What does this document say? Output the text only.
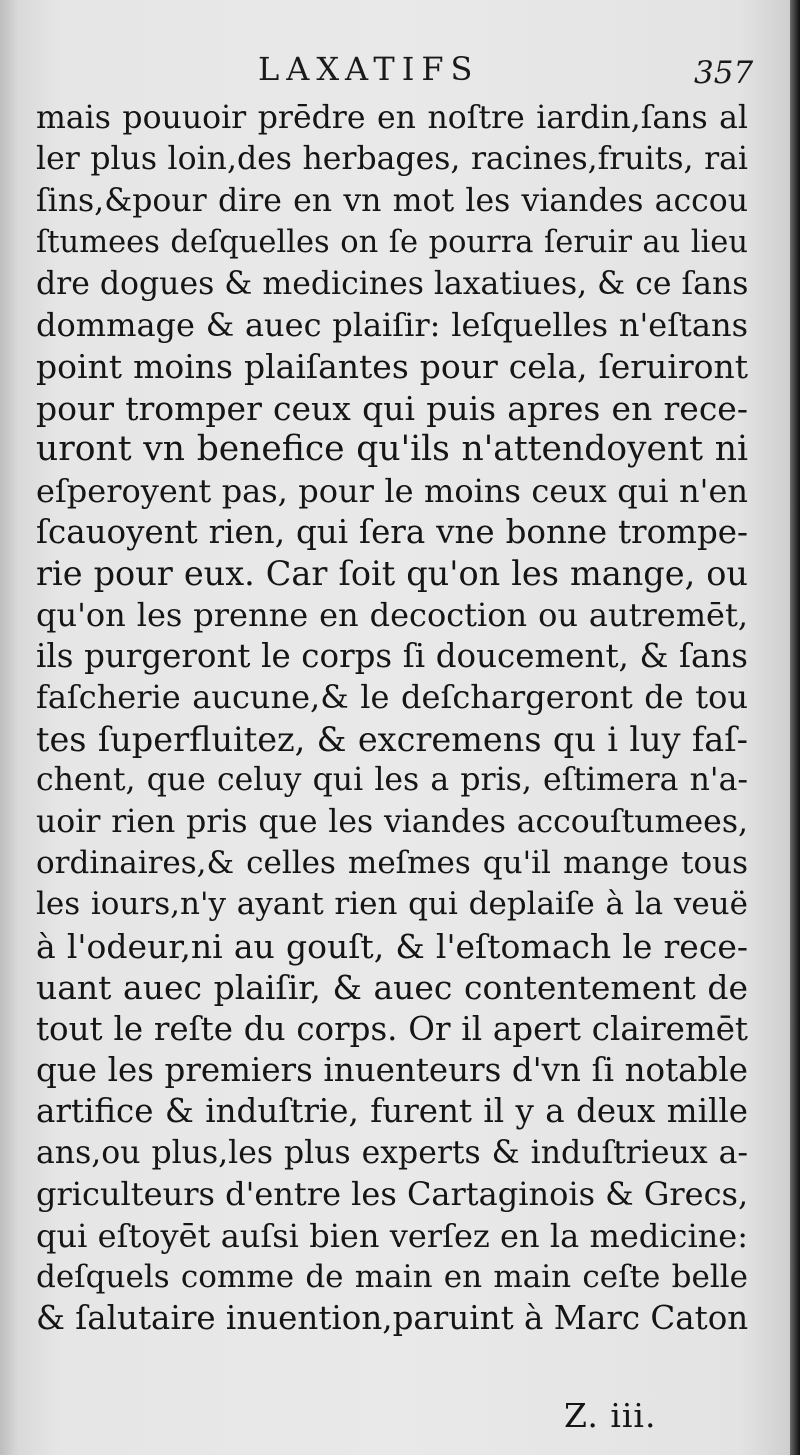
LAXATIFS	357
mais pouuoir prēdre en noſtre iardin,ſans al
ler plus loin,des herbages, racines,fruits, rai
ſins,&pour dire en vn mot les viandes accou
ſtumees deſquelles on ſe pourra ſeruir au lieu
dre dogues & medicines laxatiues, & ce ſans
dommage & auec plaiſir: leſquelles n'eſtans
point moins plaiſantes pour cela, ſeruiront
pour tromper ceux qui puis apres en rece-
uront vn benefice qu'ils n'attendoyent ni
eſperoyent pas, pour le moins ceux qui n'en
ſcauoyent rien, qui ſera vne bonne trompe-
rie pour eux. Car ſoit qu'on les mange, ou
qu'on les prenne en decoction ou autremēt,
ils purgeront le corps ſi doucement, & ſans
faſcherie aucune,& le deſchargeront de tou
tes ſuperfluitez, & excremens qu i luy faſ-
chent, que celuy qui les a pris, eſtimera n'a-
uoir rien pris que les viandes accouſtumees,
ordinaires,& celles meſmes qu'il mange tous
les iours,n'y ayant rien qui deplaiſe à la veuë
à l'odeur,ni au gouſt, & l'eſtomach le rece-
uant auec plaiſir, & auec contentement de
tout le reſte du corps. Or il apert clairemēt
que les premiers inuenteurs d'vn ſi notable
artifice & induſtrie, furent il y a deux mille
ans,ou plus,les plus experts & induſtrieux a-
griculteurs d'entre les Cartaginois & Grecs,
qui eſtoyēt auſsi bien verſez en la medicine:
deſquels comme de main en main ceſte belle
& ſalutaire inuention,paruint à Marc Caton
Z. iii.
